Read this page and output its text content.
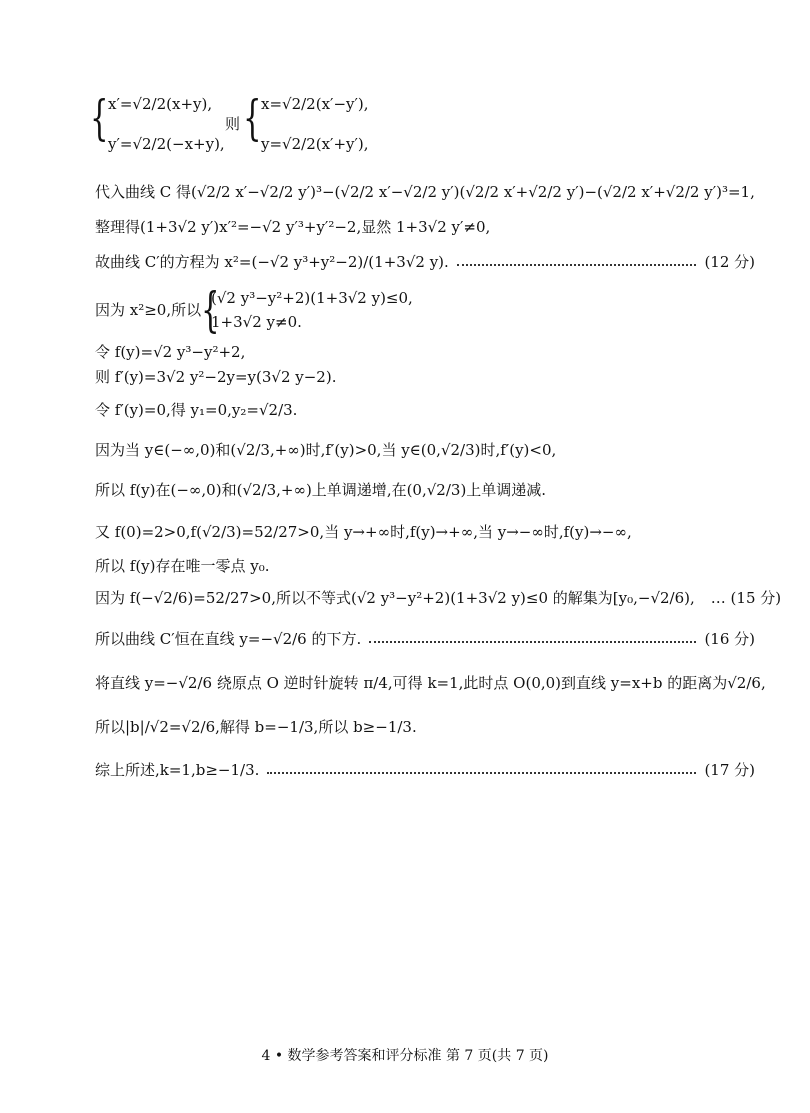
{ x′=√2/2(x+y),
y′=√2/2(−x+y),
则 { x=√2/2(x′−y′),
y=√2/2(x′+y′),
代入曲线 C 得(√2/2 x′−√2/2 y′)³−(√2/2 x′−√2/2 y′)(√2/2 x′+√2/2 y′)−(√2/2 x′+√2/2 y′)³=1,
整理得(1+3√2 y′)x′²=−√2 y′³+y′²−2,显然 1+3√2 y′≠0,
故曲线 C′的方程为 x²=(−√2 y³+y²−2)/(1+3√2 y).	(12 分)
因为 x²≥0,所以 {
(√2 y³−y²+2)(1+3√2 y)≤0,
1+3√2 y≠0.
令 f(y)=√2 y³−y²+2,
则 f′(y)=3√2 y²−2y=y(3√2 y−2).
令 f′(y)=0,得 y₁=0,y₂=√2/3.
因为当 y∈(−∞,0)和(√2/3,+∞)时,f′(y)>0,当 y∈(0,√2/3)时,f′(y)<0,
所以 f(y)在(−∞,0)和(√2/3,+∞)上单调递增,在(0,√2/3)上单调递减.
又 f(0)=2>0,f(√2/3)=52/27>0,当 y→+∞时,f(y)→+∞,当 y→−∞时,f(y)→−∞,
所以 f(y)存在唯一零点 y₀.
因为 f(−√2/6)=52/27>0,所以不等式(√2 y³−y²+2)(1+3√2 y)≤0 的解集为[y₀,−√2/6), … (15 分)
所以曲线 C′恒在直线 y=−√2/6 的下方.	(16 分)
将直线 y=−√2/6 绕原点 O 逆时针旋转 π/4,可得 k=1,此时点 O(0,0)到直线 y=x+b 的距离为√2/6,
所以|b|/√2=√2/6,解得 b=−1/3,所以 b≥−1/3.
综上所述,k=1,b≥−1/3.	(17 分)
4 • 数学参考答案和评分标准 第 7 页(共 7 页)
